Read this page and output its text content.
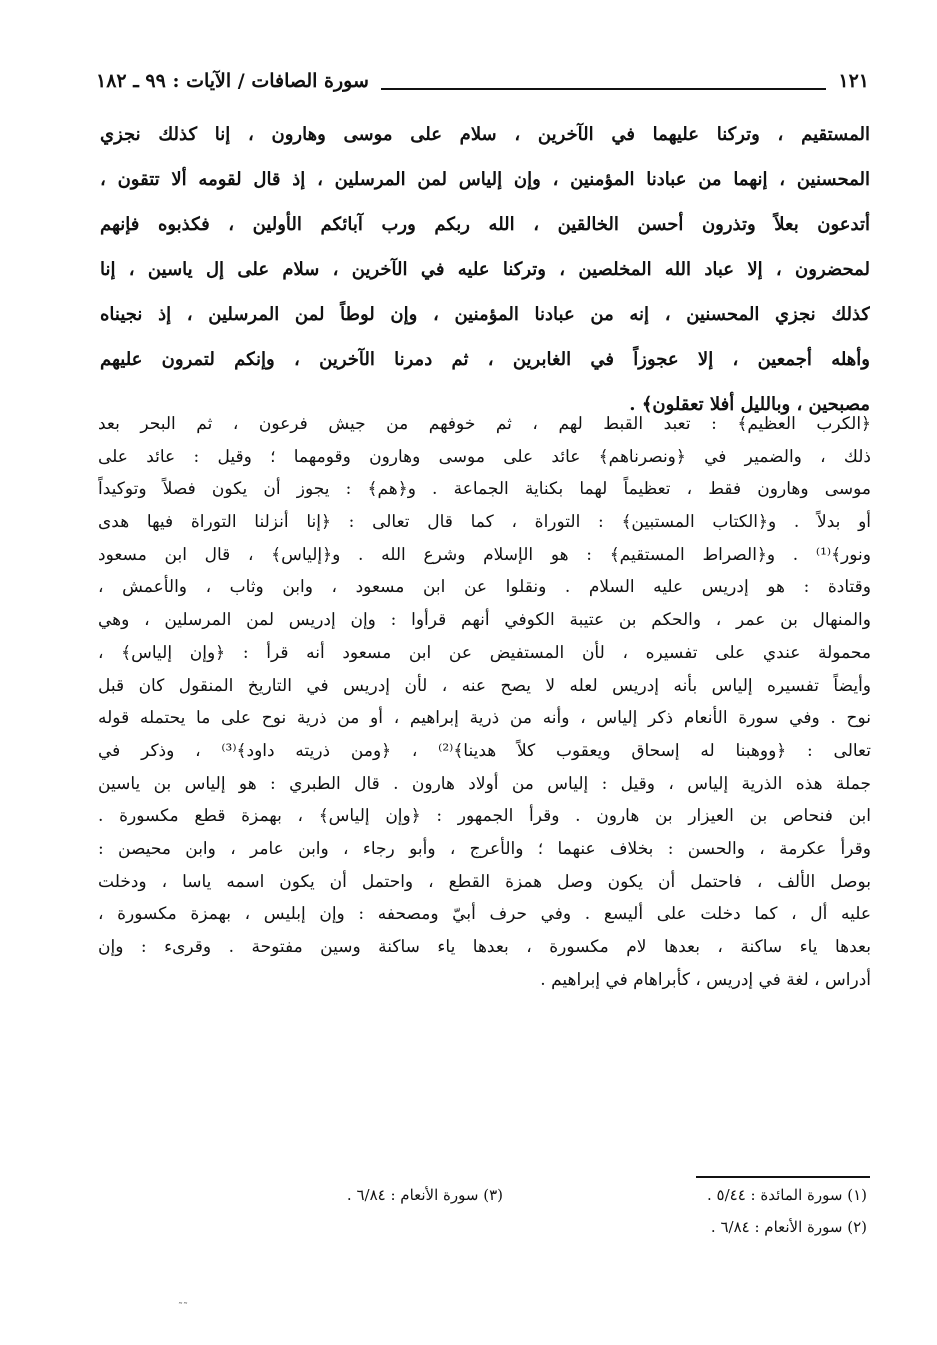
سورة الصافات / الآيات : ٩٩ ـ ١٨٢	١٢١
المستقيم ، وتركنا عليهما في الآخرين ، سلام على موسى وهارون ، إنا كذلك نجزي
المحسنين ، إنهما من عبادنا المؤمنين ، وإن إلياس لمن المرسلين ، إذ قال لقومه ألا تتقون ،
أتدعون بعلاً وتذرون أحسن الخالقين ، الله ربكم ورب آبائكم الأولين ، فكذبوه فإنهم
لمحضرون ، إلا عباد الله المخلصين ، وتركنا عليه في الآخرين ، سلام على إل ياسين ، إنا
كذلك نجزي المحسنين ، إنه من عبادنا المؤمنين ، وإن لوطاً لمن المرسلين ، إذ نجيناه
وأهله أجمعين ، إلا عجوزاً في الغابرين ، ثم دمرنا الآخرين ، وإنكم لتمرون عليهم
مصبحين ، وبالليل أفلا تعقلون﴾ .
﴿الكرب العظيم﴾ : تعبد القبط لهم ، ثم خوفهم من جيش فرعون ، ثم البحر بعد
ذلك ، والضمير في ﴿ونصرناهم﴾ عائد على موسى وهارون وقومهما ؛ وقيل : عائد على
موسى وهارون فقط ، تعظيماً لهما بكناية الجماعة . و﴿هم﴾ : يجوز أن يكون فصلاً وتوكيداً
أو بدلاً . و﴿الكتاب المستبين﴾ : التوراة ، كما قال تعالى : ﴿إنا أنزلنا التوراة فيها هدى
ونور﴾⁽¹⁾ . و﴿الصراط المستقيم﴾ : هو الإسلام وشرع الله . و﴿إلياس﴾ ، قال ابن مسعود
وقتادة : هو إدريس عليه السلام . ونقلوا عن ابن مسعود ، وابن وثاب ، والأعمش ،
والمنهال بن عمر ، والحكم بن عتيبة الكوفي أنهم قرأوا : وإن إدريس لمن المرسلين ، وهي
محمولة عندي على تفسيره ، لأن المستفيض عن ابن مسعود أنه قرأ : ﴿وإن إلياس﴾ ،
وأيضاً تفسيره إلياس بأنه إدريس لعله لا يصح عنه ، لأن إدريس في التاريخ المنقول كان قبل
نوح . وفي سورة الأنعام ذكر إلياس ، وأنه من ذرية إبراهيم ، أو من ذرية نوح على ما يحتمله قوله
تعالى : ﴿ووهبنا له إسحاق ويعقوب كلاً هدينا﴾⁽²⁾ ، ﴿ومن ذريته داود﴾⁽³⁾ ، وذكر في
جملة هذه الذرية إلياس ، وقيل : إلياس من أولاد هارون . قال الطبري : هو إلياس بن ياسين
ابن فنحاص بن العيزار بن هارون . وقرأ الجمهور : ﴿وإن إلياس﴾ ، بهمزة قطع مكسورة .
وقرأ عكرمة ، والحسن : بخلاف عنهما ؛ والأعرج ، وأبو رجاء ، وابن عامر ، وابن محيصن :
بوصل الألف ، فاحتمل أن يكون وصل همزة القطع ، واحتمل أن يكون اسمه ياسا ، ودخلت
عليه أل ، كما دخلت على أليسع . وفي حرف أبيّ ومصحفه : وإن إبليس ، بهمزة مكسورة ،
بعدها ياء ساكنة ، بعدها لام مكسورة ، بعدها ياء ساكنة وسين مفتوحة . وقرىء : وإن
أدراس ، لغة في إدريس ، كأبراهام في إبراهيم .
(١) سورة المائدة : ٥/٤٤ .
(٣) سورة الأنعام : ٦/٨٤ .
(٢) سورة الأنعام : ٦/٨٤ .
˜˜
